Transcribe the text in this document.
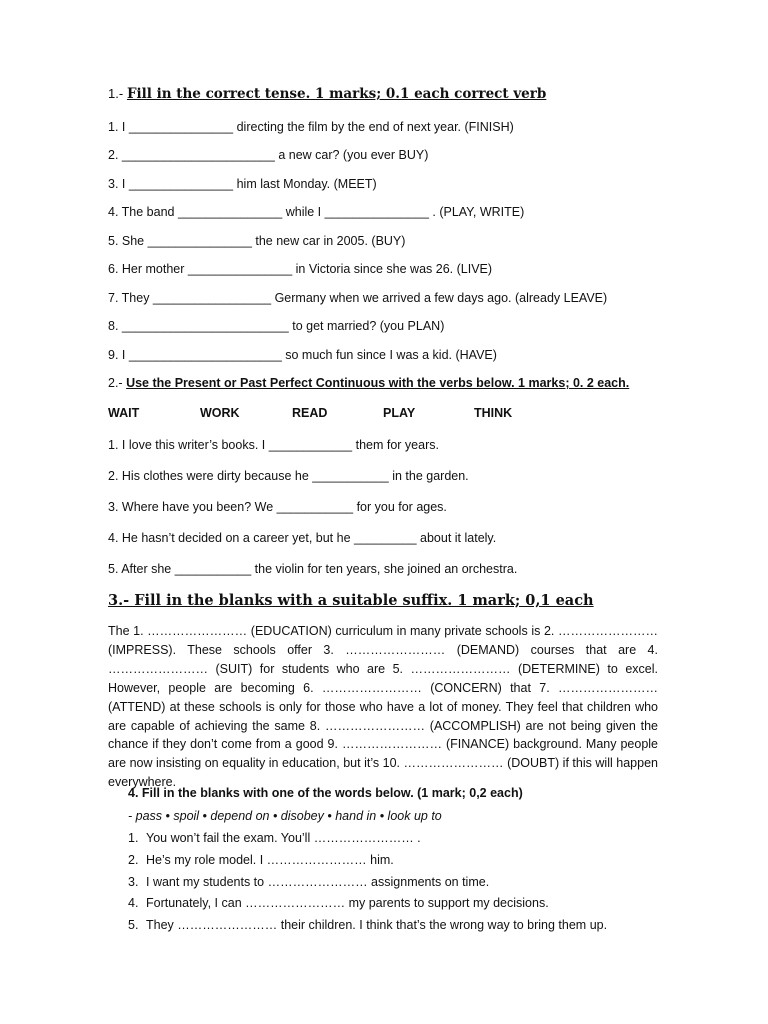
1.- Fill in the correct tense. 1 marks; 0.1 each correct verb
1. I _______________ directing the film by the end of next year. (FINISH)
2. ______________________ a new car? (you ever BUY)
3. I _______________ him last Monday. (MEET)
4. The band _______________ while I _______________ . (PLAY, WRITE)
5. She _______________ the new car in 2005. (BUY)
6. Her mother _______________ in Victoria since she was 26. (LIVE)
7. They _________________ Germany when we arrived a few days ago. (already LEAVE)
8. ________________________ to get married? (you PLAN)
9. I ______________________ so much fun since I was a kid. (HAVE)
2.- Use the Present or Past Perfect Continuous with the verbs below. 1 marks; 0. 2 each.
WAIT	WORK	READ	PLAY	THINK
1. I love this writer’s books. I ____________ them for years.
2. His clothes were dirty because he ___________ in the garden.
3. Where have you been? We ___________ for you for ages.
4. He hasn’t decided on a career yet, but he _________ about it lately.
5. After she ___________ the violin for ten years, she joined an orchestra.
3.- Fill in the blanks with a suitable suffix. 1 mark; 0,1 each
The 1. …………………… (EDUCATION) curriculum in many private schools is 2. …………………… (IMPRESS). These schools offer 3. …………………… (DEMAND) courses that are 4. …………………… (SUIT) for students who are 5. …………………… (DETERMINE) to excel. However, people are becoming 6. …………………… (CONCERN) that 7. …………………… (ATTEND) at these schools is only for those who have a lot of money. They feel that children who are capable of achieving the same 8. …………………… (ACCOMPLISH) are not being given the chance if they don’t come from a good 9. …………………… (FINANCE) background. Many people are now insisting on equality in education, but it’s 10. …………………… (DOUBT) if this will happen everywhere.
4. Fill in the blanks with one of the words below. (1 mark; 0,2 each)
- pass • spoil • depend on • disobey • hand in • look up to
1. You won’t fail the exam. You’ll …………………… .
2. He’s my role model. I …………………… him.
3. I want my students to …………………… assignments on time.
4. Fortunately, I can …………………… my parents to support my decisions.
5. They …………………… their children. I think that’s the wrong way to bring them up.
